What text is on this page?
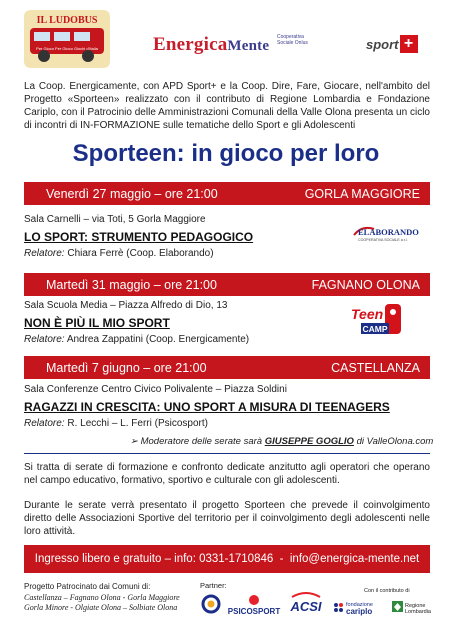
IL LUDOBUS
Per Gioco Per Gioco Giochi d'Italia	EnergicaMente
Cooperativa Sociale Onlus	sport +
La Coop. Energicamente, con APD Sport+ e la Coop. Dire, Fare, Giocare, nell'ambito del Progetto «Sporteen» realizzato con il contributo di Regione Lombardia e Fondazione Cariplo, con il Patrocinio delle Amministrazioni Comunali della Valle Olona presenta un ciclo di incontri di IN-FORMAZIONE sulle tematiche dello Sport e gli Adolescenti
Sporteen: in gioco per loro
Venerdì 27 maggio – ore 21:00	GORLA MAGGIORE
Sala Carnelli – via Toti, 5 Gorla Maggiore
LO SPORT: STRUMENTO PEDAGOGICO
Relatore: Chiara Ferrè (Coop. Elaborando)
ELABORANDO
COOPERATIVA SOCIALE a.r.l.
Martedì 31 maggio – ore 21:00	FAGNANO OLONA
Sala Scuola Media – Piazza Alfredo di Dio, 13
NON È PIÙ IL MIO SPORT
Relatore: Andrea Zappatini (Coop. Energicamente)
Teen
CAMP
Martedì 7 giugno – ore 21:00	CASTELLANZA
Sala Conferenze Centro Civico Polivalente – Piazza Soldini
RAGAZZI IN CRESCITA: UNO SPORT A MISURA DI TEENAGERS
Relatore: R. Lecchi – L. Ferri (Psicosport)
➢ Moderatore delle serate sarà GIUSEPPE GOGLIO di ValleOlona.com
Si tratta di serate di formazione e confronto dedicate anzitutto agli operatori che operano nel campo educativo, formativo, sportivo e culturale con gli adolescenti.
Durante le serate verrà presentato il progetto Sporteen che prevede il coinvolgimento diretto delle Associazioni Sportive del territorio per il coinvolgimento degli adolescenti nelle loro attività.
Ingresso libero e gratuito – info: 0331-1710846  -  info@energica-mente.net
Progetto Patrocinato dai Comuni di:
Castellanza – Fagnano Olona - Gorla Maggiore
Gorla Minore - Olgiate Olona – Solbiate Olona
Partner:
PSICOSPORT ACSI
Con il contributo di
fondazione
cariplo
Regione
Lombardia
